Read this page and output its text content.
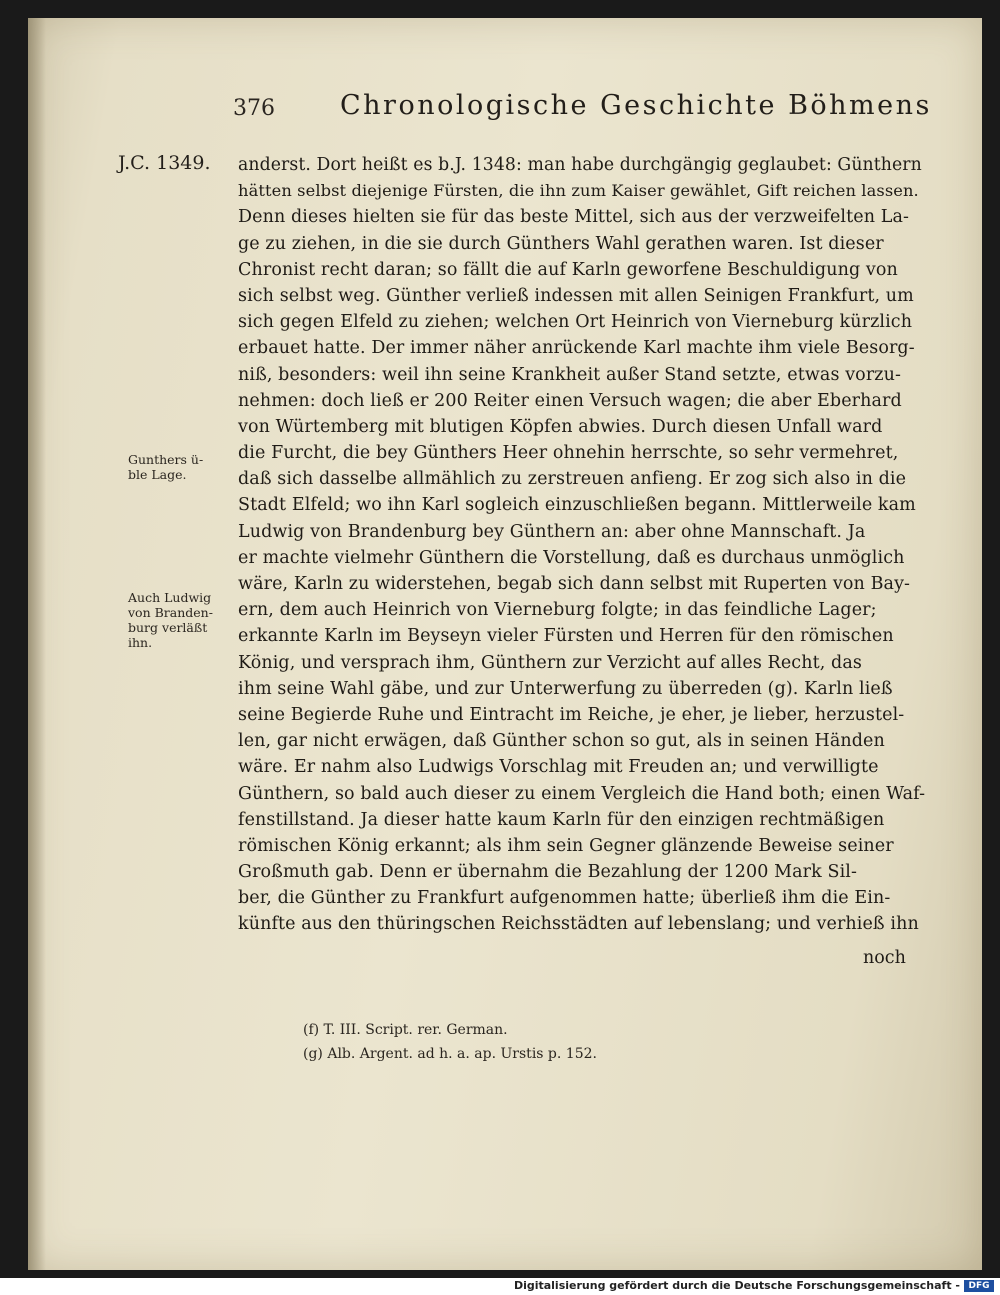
376 Chronologische Geschichte Böhmens
J.C. 1349.
Gunthers ü-
ble Lage.
Auch Ludwig
von Branden-
burg verläßt
ihn.
anderst. Dort heißt es b.J. 1348: man habe durchgängig geglaubet: Günthern
hätten selbst diejenige Fürsten, die ihn zum Kaiser gewählet, Gift reichen lassen.
Denn dieses hielten sie für das beste Mittel, sich aus der verzweifelten La-
ge zu ziehen, in die sie durch Günthers Wahl gerathen waren. Ist dieser
Chronist recht daran; so fällt die auf Karln geworfene Beschuldigung von
sich selbst weg. Günther verließ indessen mit allen Seinigen Frankfurt, um
sich gegen Elfeld zu ziehen; welchen Ort Heinrich von Vierneburg kürzlich
erbauet hatte. Der immer näher anrückende Karl machte ihm viele Besorg-
niß, besonders: weil ihn seine Krankheit außer Stand setzte, etwas vorzu-
nehmen: doch ließ er 200 Reiter einen Versuch wagen; die aber Eberhard
von Würtemberg mit blutigen Köpfen abwies. Durch diesen Unfall ward
die Furcht, die bey Günthers Heer ohnehin herrschte, so sehr vermehret,
daß sich dasselbe allmählich zu zerstreuen anfieng. Er zog sich also in die
Stadt Elfeld; wo ihn Karl sogleich einzuschließen begann. Mittlerweile kam
Ludwig von Brandenburg bey Günthern an: aber ohne Mannschaft. Ja
er machte vielmehr Günthern die Vorstellung, daß es durchaus unmöglich
wäre, Karln zu widerstehen, begab sich dann selbst mit Ruperten von Bay-
ern, dem auch Heinrich von Vierneburg folgte; in das feindliche Lager;
erkannte Karln im Beyseyn vieler Fürsten und Herren für den römischen
König, und versprach ihm, Günthern zur Verzicht auf alles Recht, das
ihm seine Wahl gäbe, und zur Unterwerfung zu überreden (g). Karln ließ
seine Begierde Ruhe und Eintracht im Reiche, je eher, je lieber, herzustel-
len, gar nicht erwägen, daß Günther schon so gut, als in seinen Händen
wäre. Er nahm also Ludwigs Vorschlag mit Freuden an; und verwilligte
Günthern, so bald auch dieser zu einem Vergleich die Hand both; einen Waf-
fenstillstand. Ja dieser hatte kaum Karln für den einzigen rechtmäßigen
römischen König erkannt; als ihm sein Gegner glänzende Beweise seiner
Großmuth gab. Denn er übernahm die Bezahlung der 1200 Mark Sil-
ber, die Günther zu Frankfurt aufgenommen hatte; überließ ihm die Ein-
künfte aus den thüringschen Reichsstädten auf lebenslang; und verhieß ihn
noch
(f) T. III. Script. rer. German.
(g) Alb. Argent. ad h. a. ap. Urstis p. 152.
Digitalisierung gefördert durch die Deutsche Forschungsgemeinschaft - DFG
